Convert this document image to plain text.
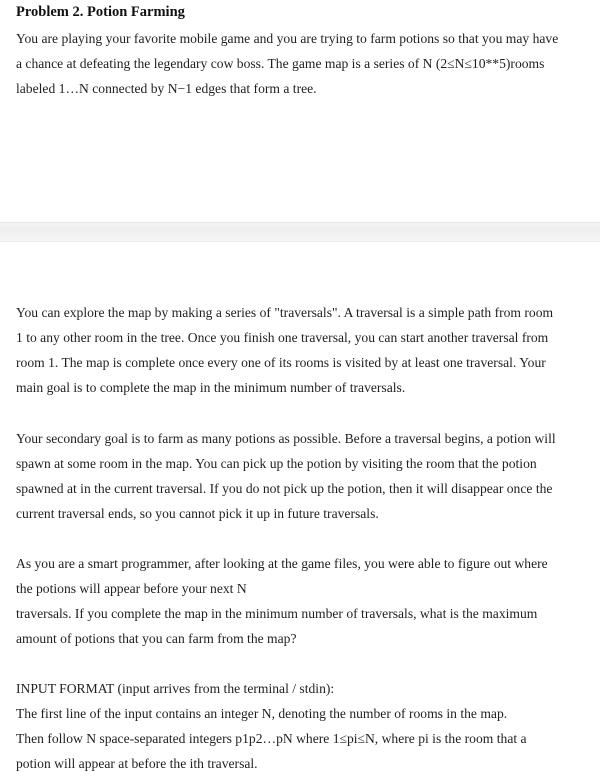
Problem 2. Potion Farming

You are playing your favorite mobile game and you are trying to farm potions so that you may have
a chance at defeating the legendary cow boss. The game map is a series of N (2≤N≤10**5)rooms
labeled 1…N connected by N−1 edges that form a tree.

You can explore the map by making a series of "traversals". A traversal is a simple path from room
1 to any other room in the tree. Once you finish one traversal, you can start another traversal from
room 1. The map is complete once every one of its rooms is visited by at least one traversal. Your
main goal is to complete the map in the minimum number of traversals.

Your secondary goal is to farm as many potions as possible. Before a traversal begins, a potion will
spawn at some room in the map. You can pick up the potion by visiting the room that the potion
spawned at in the current traversal. If you do not pick up the potion, then it will disappear once the
current traversal ends, so you cannot pick it up in future traversals.

As you are a smart programmer, after looking at the game files, you were able to figure out where
the potions will appear before your next N
traversals. If you complete the map in the minimum number of traversals, what is the maximum
amount of potions that you can farm from the map?

INPUT FORMAT (input arrives from the terminal / stdin):
The first line of the input contains an integer N, denoting the number of rooms in the map.
Then follow N space-separated integers p1p2…pN where 1≤pi≤N, where pi is the room that a
potion will appear at before the ith traversal.
